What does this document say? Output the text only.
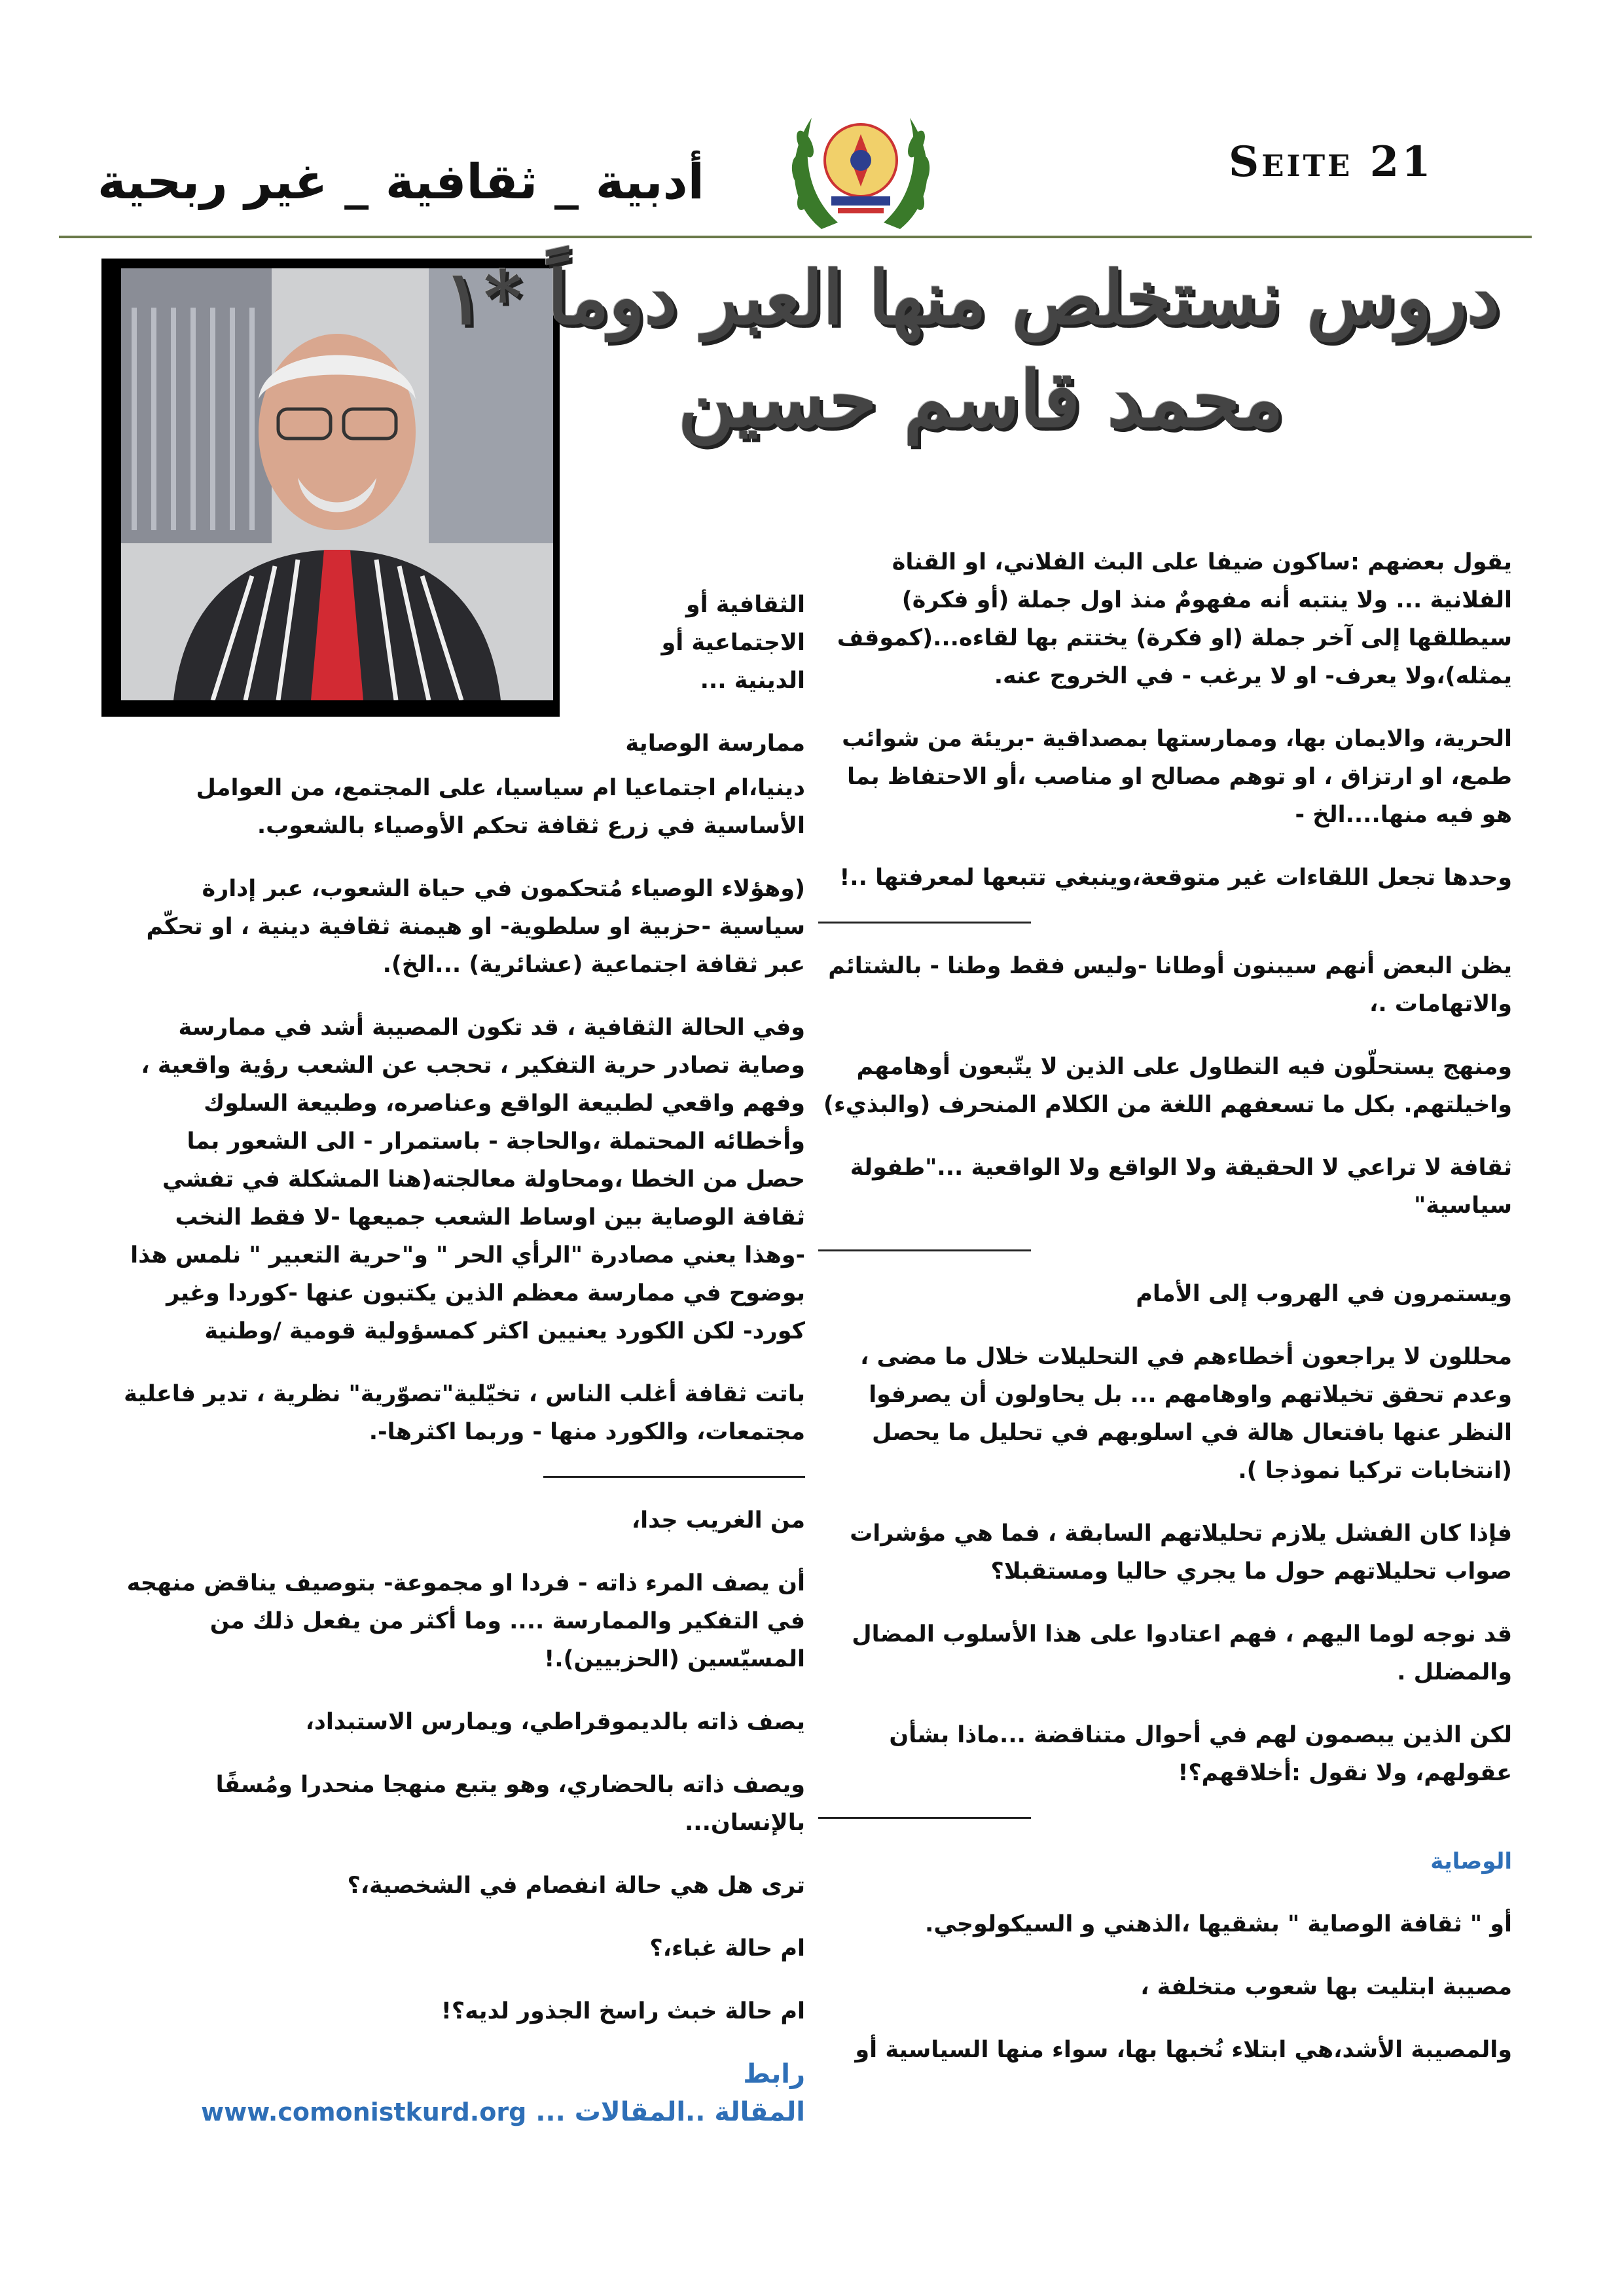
أدبية _ ثقافية _ غير ربحية	Seite 21
دروس نستخلص منها العبر دوماً *١
محمد قاسم حسين

يقول بعضهم :ساكون ضيفا على البث الفلاني، او القناة الفلانية ... ولا ينتبه أنه مفهومٌ منذ اول جملة (أو فكرة) سيطلقها إلى آخر جملة (او فكرة) يختتم بها لقاءه...(كموقف يمثله)،ولا يعرف- او لا يرغب - في الخروج عنه.

الحرية، والايمان بها، وممارستها بمصداقية -بريئة من شوائب طمع، او ارتزاق ، او توهم مصالح او مناصب ،أو الاحتفاظ بما هو فيه منها....الخ -

وحدها تجعل اللقاءات غير متوقعة،وينبغي تتبعها لمعرفتها ..!

يظن البعض أنهم سيبنون أوطانا -وليس فقط وطنا - بالشتائم والاتهامات .،

ومنهج يستحلّون فيه التطاول على الذين لا يتّبعون أوهامهم واخيلتهم. بكل ما تسعفهم اللغة من الكلام المنحرف (والبذيء)

ثقافة لا تراعي لا الحقيقة ولا الواقع ولا الواقعية ..."طفولة سياسية"

ويستمرون في الهروب إلى الأمام

محللون لا يراجعون أخطاءهم في التحليلات خلال ما مضى ، وعدم تحقق تخيلاتهم واوهامهم ... بل يحاولون أن يصرفوا النظر عنها بافتعال هالة في اسلوبهم في تحليل ما يحصل (انتخابات تركيا نموذجا ).

فإذا كان الفشل يلازم تحليلاتهم السابقة ، فما هي مؤشرات صواب تحليلاتهم حول ما يجري حاليا ومستقبلا؟

قد نوجه لوما اليهم ، فهم اعتادوا على هذا الأسلوب المضال والمضلل .

لكن الذين يبصمون لهم في أحوال متناقضة ...ماذا بشأن عقولهم، ولا نقول :أخلاقهم؟!

الوصاية

أو " ثقافة الوصاية " بشقيها ،الذهني و السيكولوجي.

مصيبة ابتليت بها شعوب متخلفة ،

والمصيبة الأشد،هي ابتلاء نُخبها بها، سواء منها السياسية أو

الثقافية أو الاجتماعية أو الدينية ...

ممارسة الوصاية

دينيا،ام اجتماعيا ام سياسيا، على المجتمع، من العوامل الأساسية في زرع ثقافة تحكم الأوصياء بالشعوب.

(وهؤلاء الوصياء مُتحكمون في حياة الشعوب، عبر إدارة سياسية -حزبية او سلطوية- او هيمنة ثقافية دينية ، او تحكّم عبر ثقافة اجتماعية (عشائرية) ...الخ).

وفي الحالة الثقافية ، قد تكون المصيبة أشد في ممارسة وصاية تصادر حرية التفكير ، تحجب عن الشعب رؤية واقعية ، وفهم واقعي لطبيعة الواقع وعناصره، وطبيعة السلوك وأخطائه المحتملة ،والحاجة - باستمرار - الى الشعور بما حصل من الخطا ،ومحاولة معالجته(هنا المشكلة في تفشي ثقافة الوصاية بين اوساط الشعب جميعها -لا فقط النخب -وهذا يعني مصادرة "الرأي الحر " و"حرية التعبير " نلمس هذا بوضوح في ممارسة معظم الذين يكتبون عنها -كوردا وغير كورد- لكن الكورد يعنيين اكثر كمسؤولية قومية /وطنية

باتت ثقافة أغلب الناس ، تخيّلية"تصوّرية" نظرية ، تدير فاعلية مجتمعات، والكورد منها - وربما اكثرها-.

من الغريب جدا،

أن يصف المرء ذاته - فردا او مجموعة- بتوصيف يناقض منهجه في التفكير والممارسة .... وما أكثر من يفعل ذلك من المسيّسين (الحزبيين).!

يصف ذاته بالديموقراطي، ويمارس الاستبداد،

ويصف ذاته بالحضاري، وهو يتبع منهجا منحدرا ومُسفًا بالإنسان...

ترى هل هي حالة انفصام في الشخصية،؟

ام حالة غباء،؟

ام حالة خبث راسخ الجذور لديه؟!

رابط

المقالة ..المقالات ... www.comonistkurd.org
